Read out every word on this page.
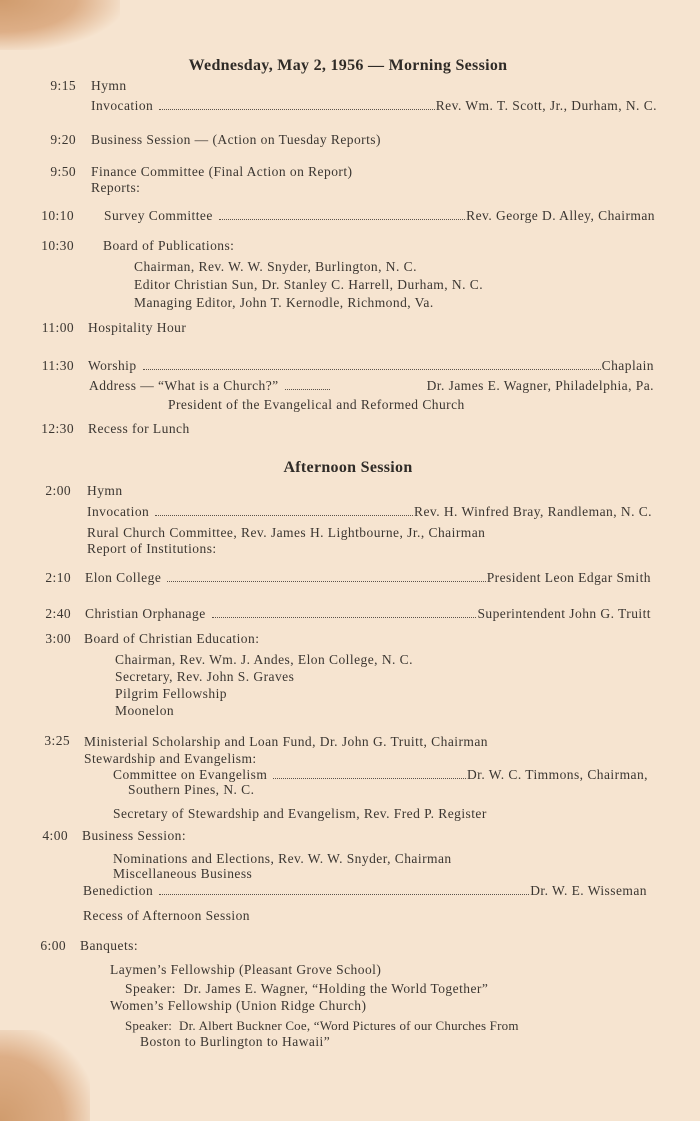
Wednesday, May 2, 1956 — Morning Session
9:15 Hymn
Invocation	Rev. Wm. T. Scott, Jr., Durham, N. C.
9:20 Business Session — (Action on Tuesday Reports)
9:50 Finance Committee (Final Action on Report)
Reports:
10:10 Survey Committee	Rev. George D. Alley, Chairman
10:30 Board of Publications:
Chairman, Rev. W. W. Snyder, Burlington, N. C.
Editor Christian Sun, Dr. Stanley C. Harrell, Durham, N. C.
Managing Editor, John T. Kernodle, Richmond, Va.
11:00 Hospitality Hour
11:30 Worship	Chaplain
Address — “What is a Church?”	Dr. James E. Wagner, Philadelphia, Pa.
President of the Evangelical and Reformed Church
12:30 Recess for Lunch
Afternoon Session
2:00 Hymn
Invocation	Rev. H. Winfred Bray, Randleman, N. C.
Rural Church Committee, Rev. James H. Lightbourne, Jr., Chairman
Report of Institutions:
2:10 Elon College	President Leon Edgar Smith
2:40 Christian Orphanage	Superintendent John G. Truitt
3:00 Board of Christian Education:
Chairman, Rev. Wm. J. Andes, Elon College, N. C.
Secretary, Rev. John S. Graves
Pilgrim Fellowship
Moonelon
3:25 Ministerial Scholarship and Loan Fund, Dr. John G. Truitt, Chairman
Stewardship and Evangelism:
Committee on Evangelism	Dr. W. C. Timmons, Chairman,
Southern Pines, N. C.
Secretary of Stewardship and Evangelism, Rev. Fred P. Register
4:00 Business Session:
Nominations and Elections, Rev. W. W. Snyder, Chairman
Miscellaneous Business
Benediction	Dr. W. E. Wisseman
Recess of Afternoon Session
6:00 Banquets:
Laymen’s Fellowship (Pleasant Grove School)
Speaker:  Dr. James E. Wagner, “Holding the World Together”
Women’s Fellowship (Union Ridge Church)
Speaker:  Dr. Albert Buckner Coe, “Word Pictures of our Churches From
Boston to Burlington to Hawaii”
